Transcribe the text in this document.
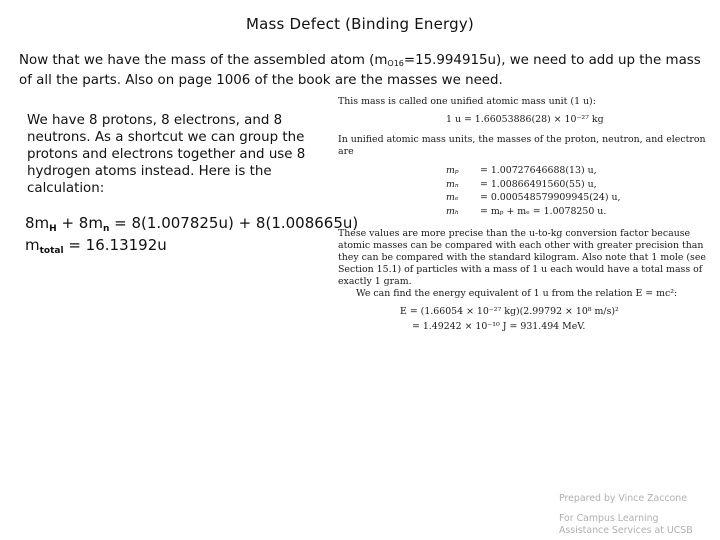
Mass Defect (Binding Energy)
Now that we have the mass of the assembled atom $(m_{O16}=15.994915u)$, we need to add up the mass of all the parts. Also on page 1006 of the book are the masses we need.
We have 8 protons, 8 electrons, and 8 neutrons. As a shortcut we can group the protons and electrons together and use 8 hydrogen atoms instead. Here is the calculation:
$8m_H + 8m_n = 8(1.007825u) + 8(1.008665u)$
$m_{total} = 16.13192u$

This mass is called one unified atomic mass unit (1 u):

1 u = 1.66053886(28) × 10⁻²⁷ kg

In unified atomic mass units, the masses of the proton, neutron, and electron are

mₚ	= 1.00727646688(13) u,
mₙ	= 1.00866491560(55) u,
mₑ	= 0.000548579909945(24) u,
mₕ	= mₚ + mₑ = 1.0078250 u.

These values are more precise than the u-to-kg conversion factor because atomic masses can be compared with each other with greater precision than they can be compared with the standard kilogram. Also note that 1 mole (see Section 15.1) of particles with a mass of 1 u each would have a total mass of exactly 1 gram.

We can find the energy equivalent of 1 u from the relation E = mc²:

E = (1.66054 × 10⁻²⁷ kg)(2.99792 × 10⁸ m/s)²
= 1.49242 × 10⁻¹⁰ J = 931.494 MeV.
Prepared by Vince Zaccone
For Campus Learning
Assistance Services at UCSB
